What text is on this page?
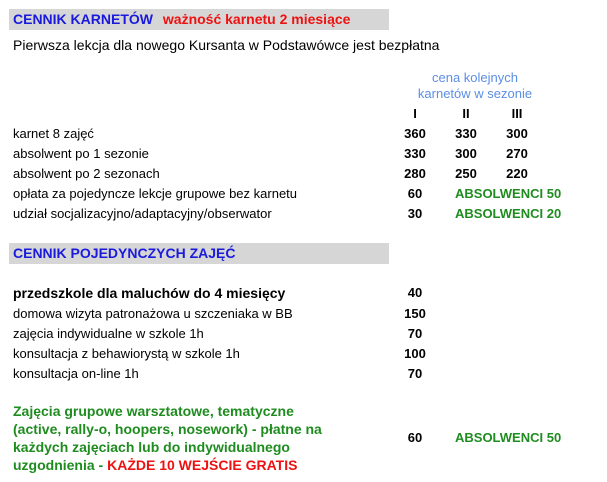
CENNIK KARNETÓW ważność karnetu 2 miesiące
Pierwsza lekcja dla nowego Kursanta w Podstawówce jest bezpłatna
cena kolejnych
karnetów w sezonie
I	II	III
karnet 8 zajęć	360	330	300
absolwent po 1 sezonie	330	300	270
absolwent po 2 sezonach	280	250	220
opłata za pojedyncze lekcje grupowe bez karnetu	60	ABSOLWENCI 50
udział socjalizacyjno/adaptacyjny/obserwator	30	ABSOLWENCI 20
CENNIK POJEDYNCZYCH ZAJĘĆ
przedszkole dla maluchów do 4 miesięcy	40
domowa wizyta patronażowa u szczeniaka w BB	150
zajęcia indywidualne w szkole 1h	70
konsultacja z behawiorystą w szkole 1h	100
konsultacja on-line 1h	70
Zajęcia grupowe warsztatowe, tematyczne
(active, rally-o, hoopers, nosework) - płatne na
każdych zajęciach lub do indywidualnego
uzgodnienia - KAŻDE 10 WEJŚCIE GRATIS
60	ABSOLWENCI 50
